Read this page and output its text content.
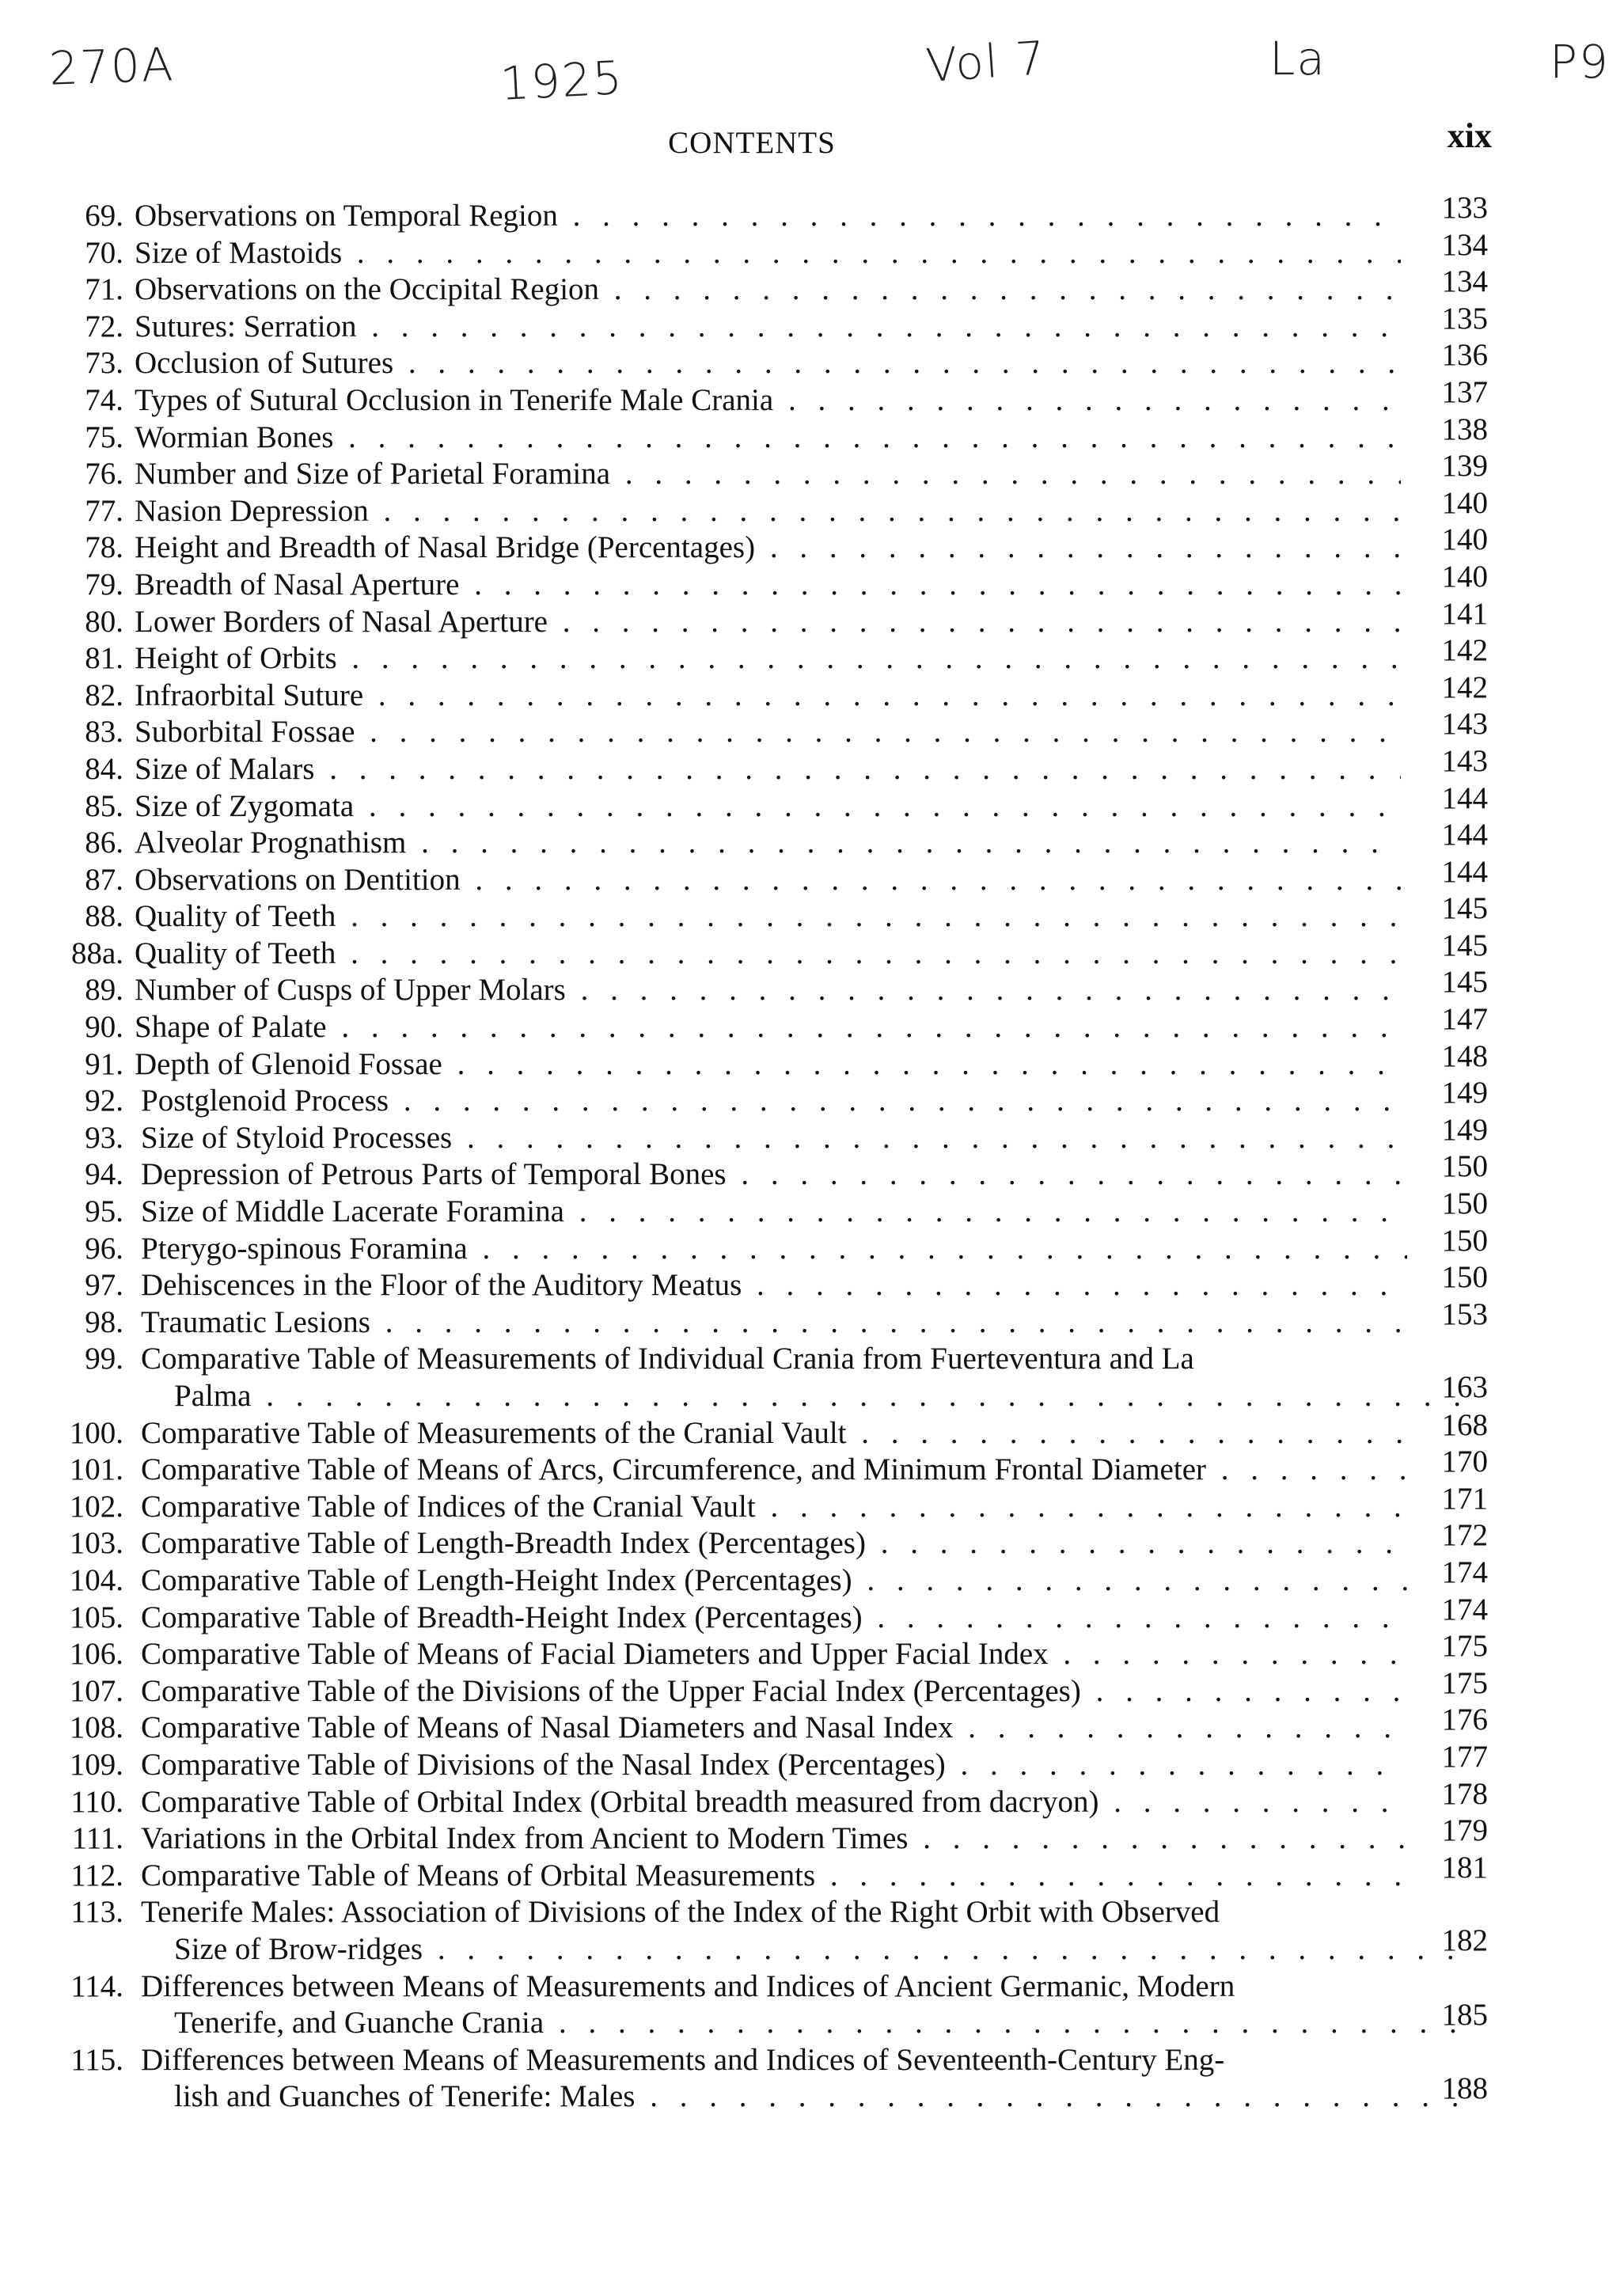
270A	1925	Vol 7	La	P9
CONTENTS	xix
69. Observations on Temporal Region . . .	133
70. Size of Mastoids . . .	134
71. Observations on the Occipital Region . . .	134
72. Sutures: Serration . . .	135
73. Occlusion of Sutures . . .	136
74. Types of Sutural Occlusion in Tenerife Male Crania . . .	137
75. Wormian Bones . . .	138
76. Number and Size of Parietal Foramina . . .	139
77. Nasion Depression . . .	140
78. Height and Breadth of Nasal Bridge (Percentages) . . .	140
79. Breadth of Nasal Aperture . . .	140
80. Lower Borders of Nasal Aperture . . .	141
81. Height of Orbits . . .	142
82. Infraorbital Suture . . .	142
83. Suborbital Fossae . . .	143
84. Size of Malars . . .	143
85. Size of Zygomata . . .	144
86. Alveolar Prognathism . . .	144
87. Observations on Dentition . . .	144
88. Quality of Teeth . . .	145
88a. Quality of Teeth . . .	145
89. Number of Cusps of Upper Molars . . .	145
90. Shape of Palate . . .	147
91. Depth of Glenoid Fossae . . .	148
92. Postglenoid Process . . .	149
93. Size of Styloid Processes . . .	149
94. Depression of Petrous Parts of Temporal Bones . . .	150
95. Size of Middle Lacerate Foramina . . .	150
96. Pterygo-spinous Foramina . . .	150
97. Dehiscences in the Floor of the Auditory Meatus . . .	150
98. Traumatic Lesions . . .	153
99. Comparative Table of Measurements of Individual Crania from Fuerteventura and La
Palma . . .	163
100. Comparative Table of Measurements of the Cranial Vault . . .	168
101. Comparative Table of Means of Arcs, Circumference, and Minimum Frontal Diameter . . .	170
102. Comparative Table of Indices of the Cranial Vault . . .	171
103. Comparative Table of Length-Breadth Index (Percentages) . . .	172
104. Comparative Table of Length-Height Index (Percentages) . . .	174
105. Comparative Table of Breadth-Height Index (Percentages) . . .	174
106. Comparative Table of Means of Facial Diameters and Upper Facial Index . . .	175
107. Comparative Table of the Divisions of the Upper Facial Index (Percentages) . . .	175
108. Comparative Table of Means of Nasal Diameters and Nasal Index . . .	176
109. Comparative Table of Divisions of the Nasal Index (Percentages) . . .	177
110. Comparative Table of Orbital Index (Orbital breadth measured from dacryon) . . .	178
111. Variations in the Orbital Index from Ancient to Modern Times . . .	179
112. Comparative Table of Means of Orbital Measurements . . .	181
113. Tenerife Males: Association of Divisions of the Index of the Right Orbit with Observed
Size of Brow-ridges . . .	182
114. Differences between Means of Measurements and Indices of Ancient Germanic, Modern
Tenerife, and Guanche Crania . . .	185
115. Differences between Means of Measurements and Indices of Seventeenth-Century Eng-
lish and Guanches of Tenerife: Males . . .	188
